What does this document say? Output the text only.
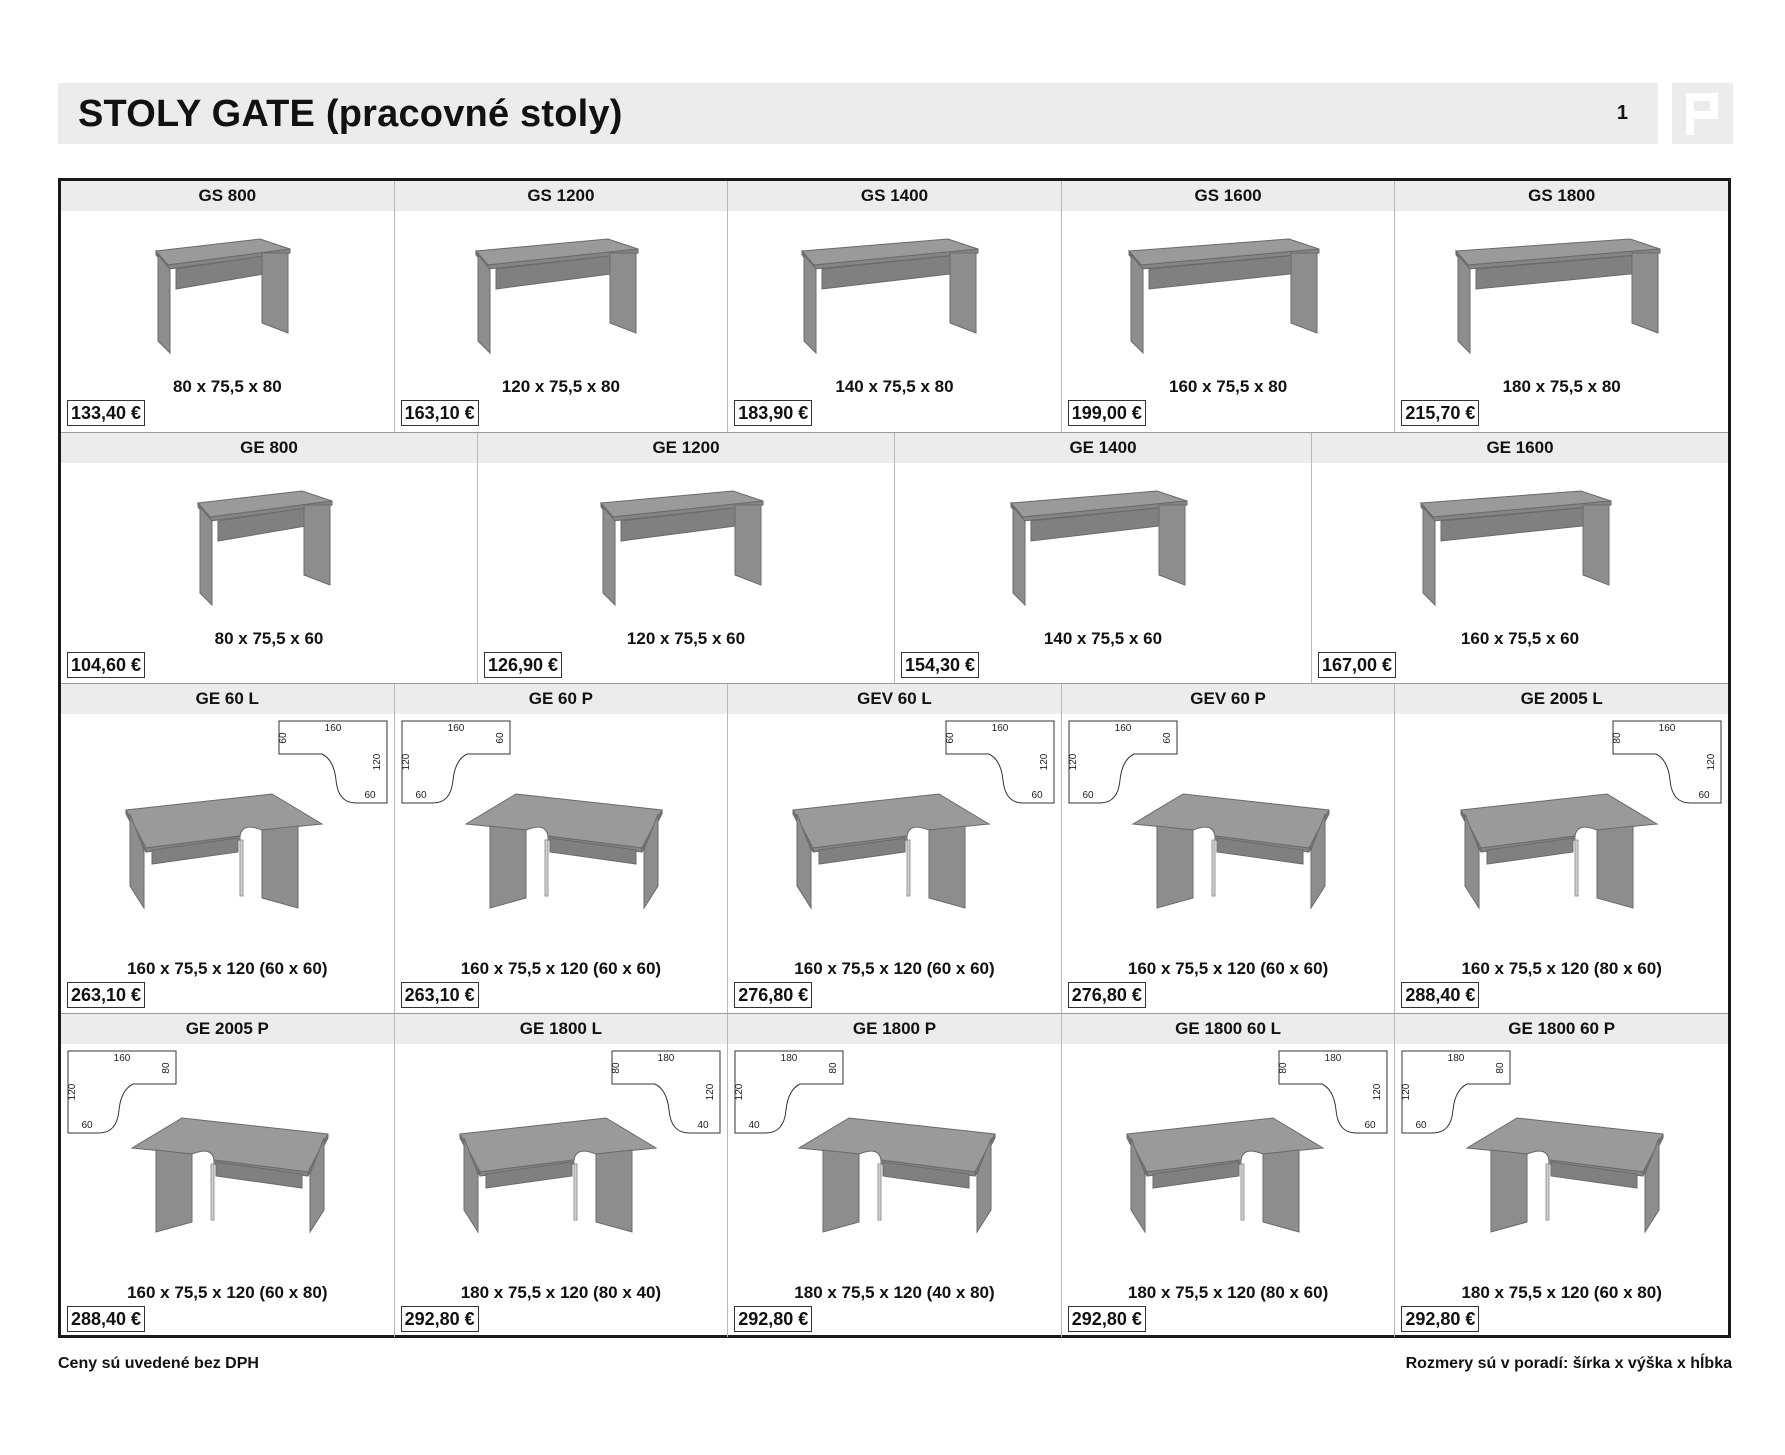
STOLY GATE (pracovné stoly)	1
GS 800
80 x 75,5 x 80
133,40 €
GS 1200
120 x 75,5 x 80
163,10 €
GS 1400
140 x 75,5 x 80
183,90 €
GS 1600
160 x 75,5 x 80
199,00 €
GS 1800
180 x 75,5 x 80
215,70 €
GE 800
80 x 75,5 x 60
104,60 €
GE 1200
120 x 75,5 x 60
126,90 €
GE 1400
140 x 75,5 x 60
154,30 €
GE 1600
160 x 75,5 x 60
167,00 €
GE 60 L
160
60
120
60
160 x 75,5 x 120 (60 x 60)
263,10 €
GE 60 P
160
120
60
60
160 x 75,5 x 120 (60 x 60)
263,10 €
GEV 60 L
160
60
120
60
160 x 75,5 x 120 (60 x 60)
276,80 €
GEV 60 P
160
120
60
60
160 x 75,5 x 120 (60 x 60)
276,80 €
GE 2005 L
160
80
120
60
160 x 75,5 x 120 (80 x 60)
288,40 €
GE 2005 P
160
120
80
60
160 x 75,5 x 120 (60 x 80)
288,40 €
GE 1800 L
180
80
120
40
180 x 75,5 x 120 (80 x 40)
292,80 €
GE 1800 P
180
120
80
40
180 x 75,5 x 120 (40 x 80)
292,80 €
GE 1800 60 L
180
80
120
60
180 x 75,5 x 120 (80 x 60)
292,80 €
GE 1800 60 P
180
120
80
60
180 x 75,5 x 120 (60 x 80)
292,80 €
Ceny sú uvedené bez DPH	Rozmery sú v poradí: šírka x výška x hĺbka
